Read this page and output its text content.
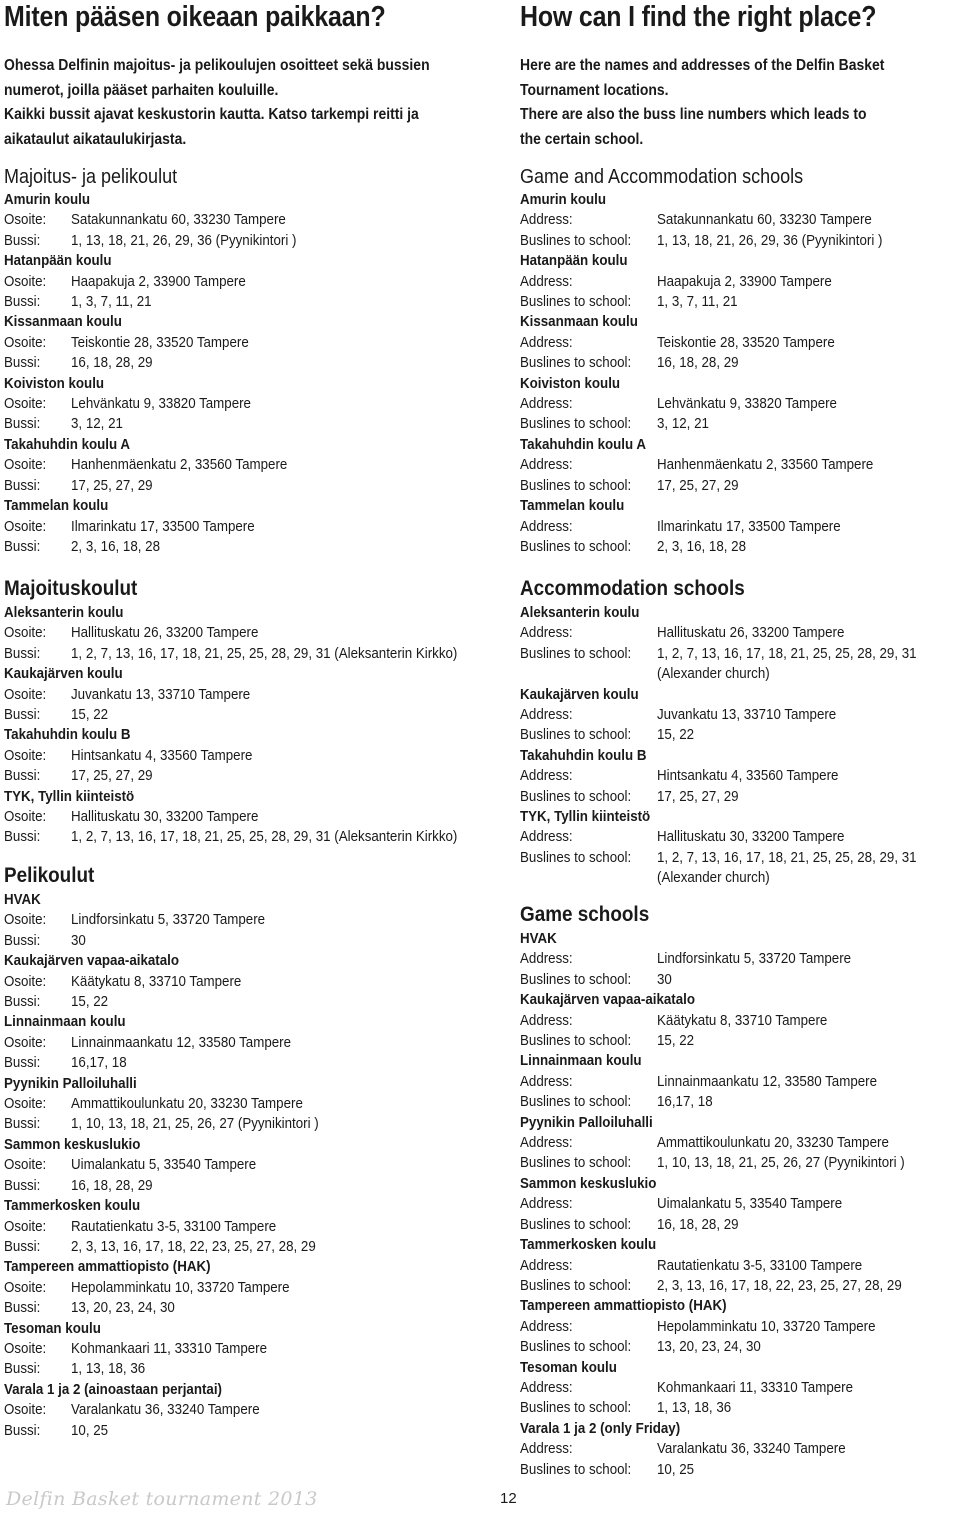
Miten pääsen oikeaan paikkaan?
Ohessa Delfinin majoitus- ja pelikoulujen osoitteet sekä bussien
numerot, joilla pääset parhaiten kouluille.
Kaikki bussit ajavat keskustorin kautta. Katso tarkempi reitti ja
aikataulut aikataulukirjasta.
Majoitus- ja pelikoulut
Amurin koulu
Osoite: Satakunnankatu 60, 33230 Tampere
Bussi: 1, 13, 18, 21, 26, 29, 36 (Pyynikintori )
Hatanpään koulu
Osoite: Haapakuja 2, 33900 Tampere
Bussi: 1, 3, 7, 11, 21
Kissanmaan koulu
Osoite: Teiskontie 28, 33520 Tampere
Bussi: 16, 18, 28, 29
Koiviston koulu
Osoite: Lehvänkatu 9, 33820 Tampere
Bussi: 3, 12, 21
Takahuhdin koulu A
Osoite: Hanhenmäenkatu 2, 33560 Tampere
Bussi: 17, 25, 27, 29
Tammelan koulu
Osoite: Ilmarinkatu 17, 33500 Tampere
Bussi: 2, 3, 16, 18, 28
Majoituskoulut
Aleksanterin koulu
Osoite: Hallituskatu 26, 33200 Tampere
Bussi: 1, 2, 7, 13, 16, 17, 18, 21, 25, 25, 28, 29, 31 (Aleksanterin Kirkko)
Kaukajärven koulu
Osoite: Juvankatu 13, 33710 Tampere
Bussi: 15, 22
Takahuhdin koulu B
Osoite: Hintsankatu 4, 33560 Tampere
Bussi: 17, 25, 27, 29
TYK, Tyllin kiinteistö
Osoite: Hallituskatu 30, 33200 Tampere
Bussi: 1, 2, 7, 13, 16, 17, 18, 21, 25, 25, 28, 29, 31 (Aleksanterin Kirkko)
Pelikoulut
HVAK
Osoite: Lindforsinkatu 5, 33720 Tampere
Bussi: 30
Kaukajärven vapaa-aikatalo
Osoite: Käätykatu 8, 33710 Tampere
Bussi: 15, 22
Linnainmaan koulu
Osoite: Linnainmaankatu 12, 33580 Tampere
Bussi: 16,17, 18
Pyynikin Palloiluhalli
Osoite: Ammattikoulunkatu 20, 33230 Tampere
Bussi: 1, 10, 13, 18, 21, 25, 26, 27 (Pyynikintori )
Sammon keskuslukio
Osoite: Uimalankatu 5, 33540 Tampere
Bussi: 16, 18, 28, 29
Tammerkosken koulu
Osoite: Rautatienkatu 3-5, 33100 Tampere
Bussi: 2, 3, 13, 16, 17, 18, 22, 23, 25, 27, 28, 29
Tampereen ammattiopisto (HAK)
Osoite: Hepolamminkatu 10, 33720 Tampere
Bussi: 13, 20, 23, 24, 30
Tesoman koulu
Osoite: Kohmankaari 11, 33310 Tampere
Bussi: 1, 13, 18, 36
Varala 1 ja 2 (ainoastaan perjantai)
Osoite: Varalankatu 36, 33240 Tampere
Bussi: 10, 25
How can I find the right place?
Here are the names and addresses of the Delfin Basket
Tournament locations.
There are also the buss line numbers which leads to
the certain school.
Game and Accommodation schools
Amurin koulu
Address:	Satakunnankatu 60, 33230 Tampere
Buslines to school: 1, 13, 18, 21, 26, 29, 36 (Pyynikintori )
Hatanpään koulu
Address:	Haapakuja 2, 33900 Tampere
Buslines to school: 1, 3, 7, 11, 21
Kissanmaan koulu
Address:	Teiskontie 28, 33520 Tampere
Buslines to school: 16, 18, 28, 29
Koiviston koulu
Address:	Lehvänkatu 9, 33820 Tampere
Buslines to school: 3, 12, 21
Takahuhdin koulu A
Address:	Hanhenmäenkatu 2, 33560 Tampere
Buslines to school: 17, 25, 27, 29
Tammelan koulu
Address:	Ilmarinkatu 17, 33500 Tampere
Buslines to school: 2, 3, 16, 18, 28
Accommodation schools
Aleksanterin koulu
Address:	Hallituskatu 26, 33200 Tampere
Buslines to school: 1, 2, 7, 13, 16, 17, 18, 21, 25, 25, 28, 29, 31
(Alexander church)
Kaukajärven koulu
Address:	Juvankatu 13, 33710 Tampere
Buslines to school: 15, 22
Takahuhdin koulu B
Address:	Hintsankatu 4, 33560 Tampere
Buslines to school: 17, 25, 27, 29
TYK, Tyllin kiinteistö
Address:	Hallituskatu 30, 33200 Tampere
Buslines to school: 1, 2, 7, 13, 16, 17, 18, 21, 25, 25, 28, 29, 31
(Alexander church)
Game schools
HVAK
Address:	Lindforsinkatu 5, 33720 Tampere
Buslines to school: 30
Kaukajärven vapaa-aikatalo
Address:	Käätykatu 8, 33710 Tampere
Buslines to school: 15, 22
Linnainmaan koulu
Address:	Linnainmaankatu 12, 33580 Tampere
Buslines to school: 16,17, 18
Pyynikin Palloiluhalli
Address:	Ammattikoulunkatu 20, 33230 Tampere
Buslines to school: 1, 10, 13, 18, 21, 25, 26, 27 (Pyynikintori )
Sammon keskuslukio
Address:	Uimalankatu 5, 33540 Tampere
Buslines to school: 16, 18, 28, 29
Tammerkosken koulu
Address:	Rautatienkatu 3-5, 33100 Tampere
Buslines to school: 2, 3, 13, 16, 17, 18, 22, 23, 25, 27, 28, 29
Tampereen ammattiopisto (HAK)
Address:	Hepolamminkatu 10, 33720 Tampere
Buslines to school: 13, 20, 23, 24, 30
Tesoman koulu
Address:	Kohmankaari 11, 33310 Tampere
Buslines to school: 1, 13, 18, 36
Varala 1 ja 2 (only Friday)
Address:	Varalankatu 36, 33240 Tampere
Buslines to school: 10, 25
Delfin Basket tournament 2013	12
